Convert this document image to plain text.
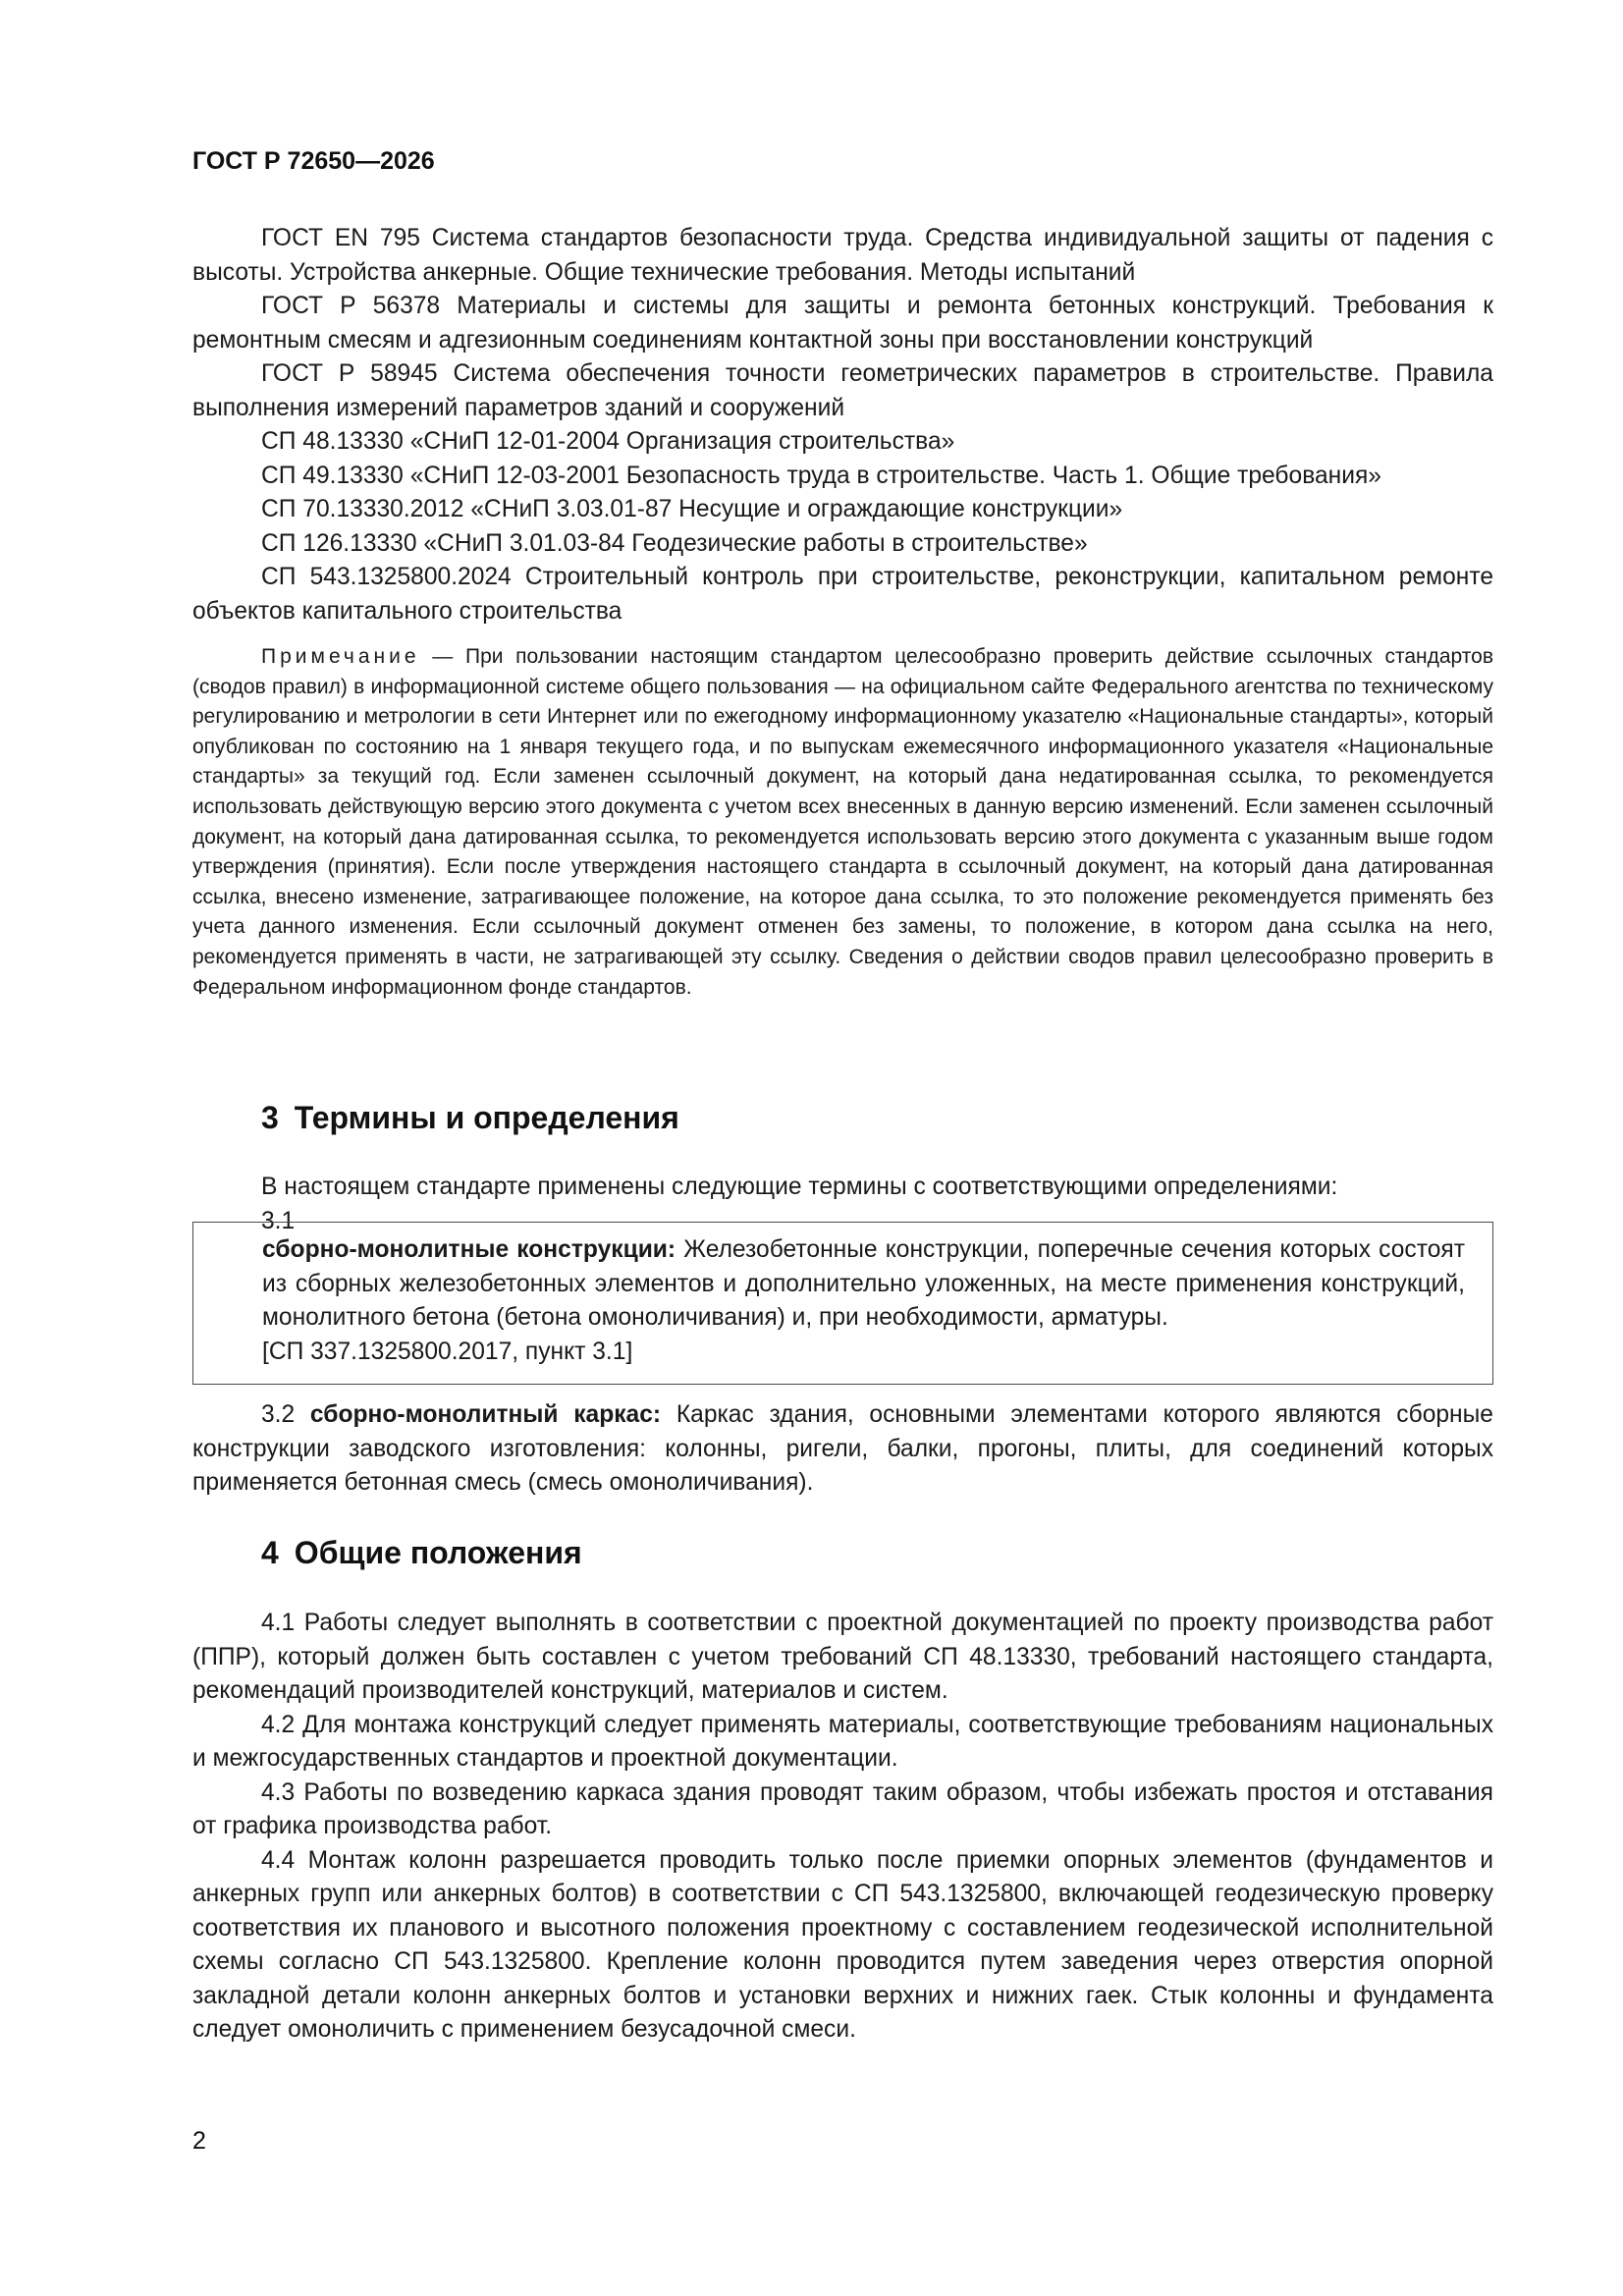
ГОСТ Р 72650—2026

ГОСТ EN 795 Система стандартов безопасности труда. Средства индивидуальной защиты от падения с высоты. Устройства анкерные. Общие технические требования. Методы испытаний

ГОСТ Р 56378 Материалы и системы для защиты и ремонта бетонных конструкций. Требования к ремонтным смесям и адгезионным соединениям контактной зоны при восстановлении конструкций

ГОСТ Р 58945 Система обеспечения точности геометрических параметров в строительстве. Правила выполнения измерений параметров зданий и сооружений

СП 48.13330 «СНиП 12-01-2004 Организация строительства»

СП 49.13330 «СНиП 12-03-2001 Безопасность труда в строительстве. Часть 1. Общие требования»

СП 70.13330.2012 «СНиП 3.03.01-87 Несущие и ограждающие конструкции»

СП 126.13330 «СНиП 3.01.03-84 Геодезические работы в строительстве»

СП 543.1325800.2024 Строительный контроль при строительстве, реконструкции, капитальном ремонте объектов капитального строительства

Примечание — При пользовании настоящим стандартом целесообразно проверить действие ссылочных стандартов (сводов правил) в информационной системе общего пользования — на официальном сайте Федерального агентства по техническому регулированию и метрологии в сети Интернет или по ежегодному информационному указателю «Национальные стандарты», который опубликован по состоянию на 1 января текущего года, и по выпускам ежемесячного информационного указателя «Национальные стандарты» за текущий год. Если заменен ссылочный документ, на который дана недатированная ссылка, то рекомендуется использовать действующую версию этого документа с учетом всех внесенных в данную версию изменений. Если заменен ссылочный документ, на который дана датированная ссылка, то рекомендуется использовать версию этого документа с указанным выше годом утверждения (принятия). Если после утверждения настоящего стандарта в ссылочный документ, на который дана датированная ссылка, внесено изменение, затрагивающее положение, на которое дана ссылка, то это положение рекомендуется применять без учета данного изменения. Если ссылочный документ отменен без замены, то положение, в котором дана ссылка на него, рекомендуется применять в части, не затрагивающей эту ссылку. Сведения о действии сводов правил целесообразно проверить в Федеральном информационном фонде стандартов.

3 Термины и определения

В настоящем стандарте применены следующие термины с соответствующими определениями:

3.1

сборно-монолитные конструкции: Железобетонные конструкции, поперечные сечения которых состоят из сборных железобетонных элементов и дополнительно уложенных, на месте применения конструкций, монолитного бетона (бетона омоноличивания) и, при необходимости, арматуры.

[СП 337.1325800.2017, пункт 3.1]

3.2 сборно-монолитный каркас: Каркас здания, основными элементами которого являются сборные конструкции заводского изготовления: колонны, ригели, балки, прогоны, плиты, для соединений которых применяется бетонная смесь (смесь омоноличивания).

4 Общие положения

4.1 Работы следует выполнять в соответствии с проектной документацией по проекту производства работ (ППР), который должен быть составлен с учетом требований СП 48.13330, требований настоящего стандарта, рекомендаций производителей конструкций, материалов и систем.

4.2 Для монтажа конструкций следует применять материалы, соответствующие требованиям национальных и межгосударственных стандартов и проектной документации.

4.3 Работы по возведению каркаса здания проводят таким образом, чтобы избежать простоя и отставания от графика производства работ.

4.4 Монтаж колонн разрешается проводить только после приемки опорных элементов (фундаментов и анкерных групп или анкерных болтов) в соответствии с СП 543.1325800, включающей геодезическую проверку соответствия их планового и высотного положения проектному с составлением геодезической исполнительной схемы согласно СП 543.1325800. Крепление колонн проводится путем заведения через отверстия опорной закладной детали колонн анкерных болтов и установки верхних и нижних гаек. Стык колонны и фундамента следует омоноличить с применением безусадочной смеси.

2
